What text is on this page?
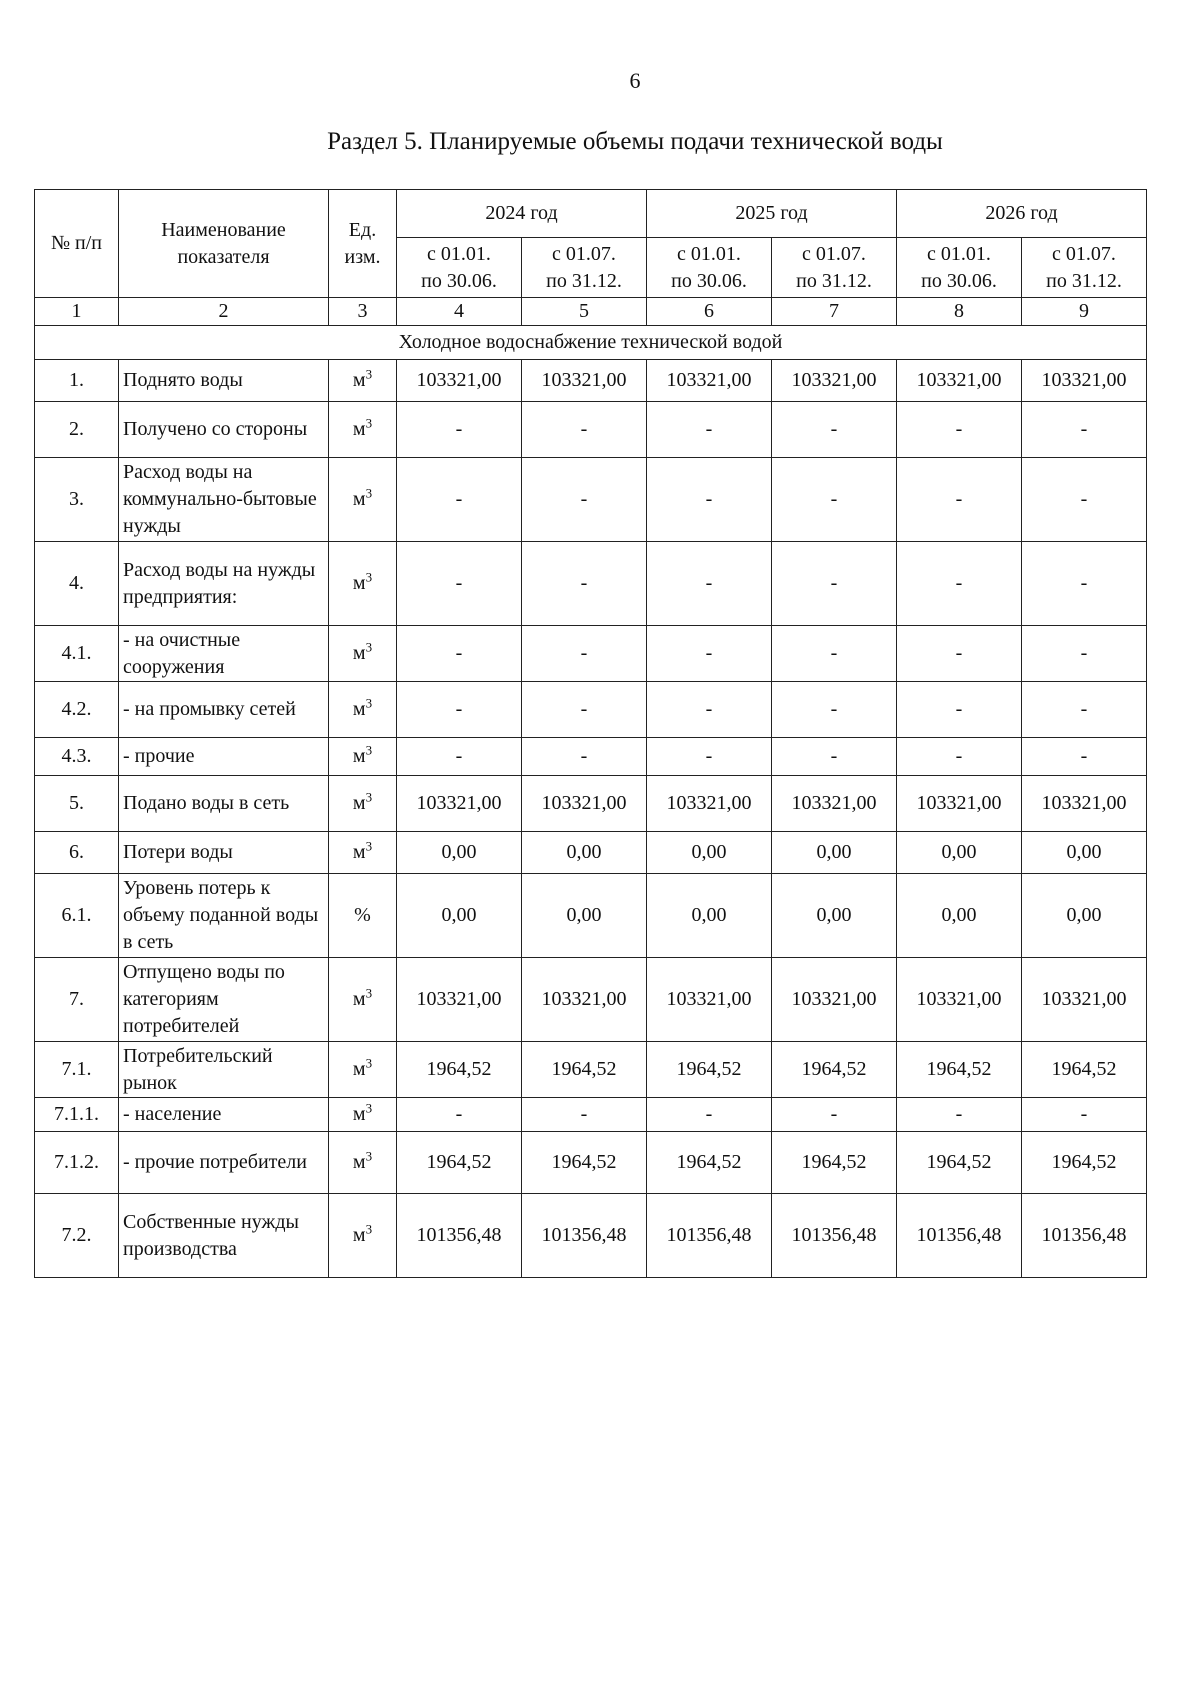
6
Раздел 5. Планируемые объемы подачи технической воды
№ п/п	Наименование показателя	Ед. изм.	2024 год		2025 год		2026 год	
			с 01.01.
по 30.06.	с 01.07.
по 31.12.	с 01.01.
по 30.06.	с 01.07.
по 31.12.	с 01.01.
по 30.06.	с 01.07.
по 31.12.
1	2	3	4	5	6	7	8	9
Холодное водоснабжение технической водой								
1.	Поднято воды	$м^3$	103321,00	103321,00	103321,00	103321,00	103321,00	103321,00
2.	Получено со стороны	$м^3$	-	-	-	-	-	-
3.	Расход воды на коммунально-бытовые нужды	$м^3$	-	-	-	-	-	-
4.	Расход воды на нужды предприятия:	$м^3$	-	-	-	-	-	-
4.1.	- на очистные сооружения	$м^3$	-	-	-	-	-	-
4.2.	- на промывку сетей	$м^3$	-	-	-	-	-	-
4.3.	- прочие	$м^3$	-	-	-	-	-	-
5.	Подано воды в сеть	$м^3$	103321,00	103321,00	103321,00	103321,00	103321,00	103321,00
6.	Потери воды	$м^3$	0,00	0,00	0,00	0,00	0,00	0,00
6.1.	Уровень потерь к объему поданной воды в сеть	%	0,00	0,00	0,00	0,00	0,00	0,00
7.	Отпущено воды по категориям потребителей	$м^3$	103321,00	103321,00	103321,00	103321,00	103321,00	103321,00
7.1.	Потребительский рынок	$м^3$	1964,52	1964,52	1964,52	1964,52	1964,52	1964,52
7.1.1.	- население	$м^3$	-	-	-	-	-	-
7.1.2.	- прочие потребители	$м^3$	1964,52	1964,52	1964,52	1964,52	1964,52	1964,52
7.2.	Собственные нужды производства	$м^3$	101356,48	101356,48	101356,48	101356,48	101356,48	101356,48
